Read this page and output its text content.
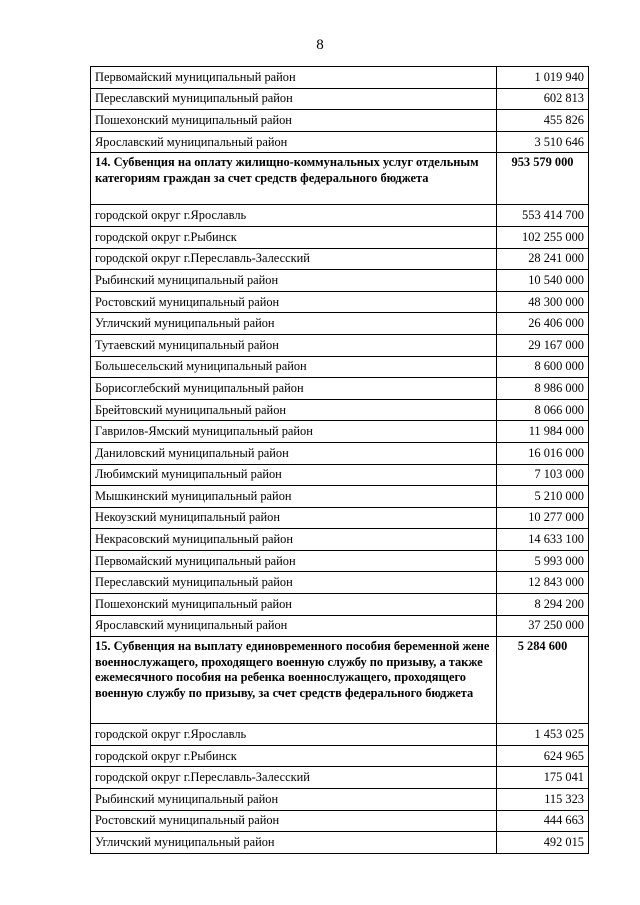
8
Первомайский муниципальный район	1 019 940
Переславский муниципальный район	602 813
Пошехонский муниципальный район	455 826
Ярославский муниципальный район	3 510 646
14. Субвенция на оплату жилищно-коммунальных услуг отдельным категориям граждан за счет средств федерального бюджета	953 579 000
городской округ г.Ярославль	553 414 700
городской округ г.Рыбинск	102 255 000
городской округ г.Переславль-Залесский	28 241 000
Рыбинский муниципальный район	10 540 000
Ростовский муниципальный район	48 300 000
Угличский муниципальный район	26 406 000
Тутаевский муниципальный район	29 167 000
Большесельский муниципальный район	8 600 000
Борисоглебский муниципальный район	8 986 000
Брейтовский муниципальный район	8 066 000
Гаврилов-Ямский муниципальный район	11 984 000
Даниловский муниципальный район	16 016 000
Любимский муниципальный район	7 103 000
Мышкинский муниципальный район	5 210 000
Некоузский муниципальный район	10 277 000
Некрасовский муниципальный район	14 633 100
Первомайский муниципальный район	5 993 000
Переславский муниципальный район	12 843 000
Пошехонский муниципальный район	8 294 200
Ярославский муниципальный район	37 250 000
15. Субвенция на выплату единовременного пособия беременной жене военнослужащего, проходящего военную службу по призыву, а также ежемесячного пособия на ребенка военнослужащего, проходящего военную службу по призыву, за счет средств федерального бюджета	5 284 600
городской округ г.Ярославль	1 453 025
городской округ г.Рыбинск	624 965
городской округ г.Переславль-Залесский	175 041
Рыбинский муниципальный район	115 323
Ростовский муниципальный район	444 663
Угличский муниципальный район	492 015
